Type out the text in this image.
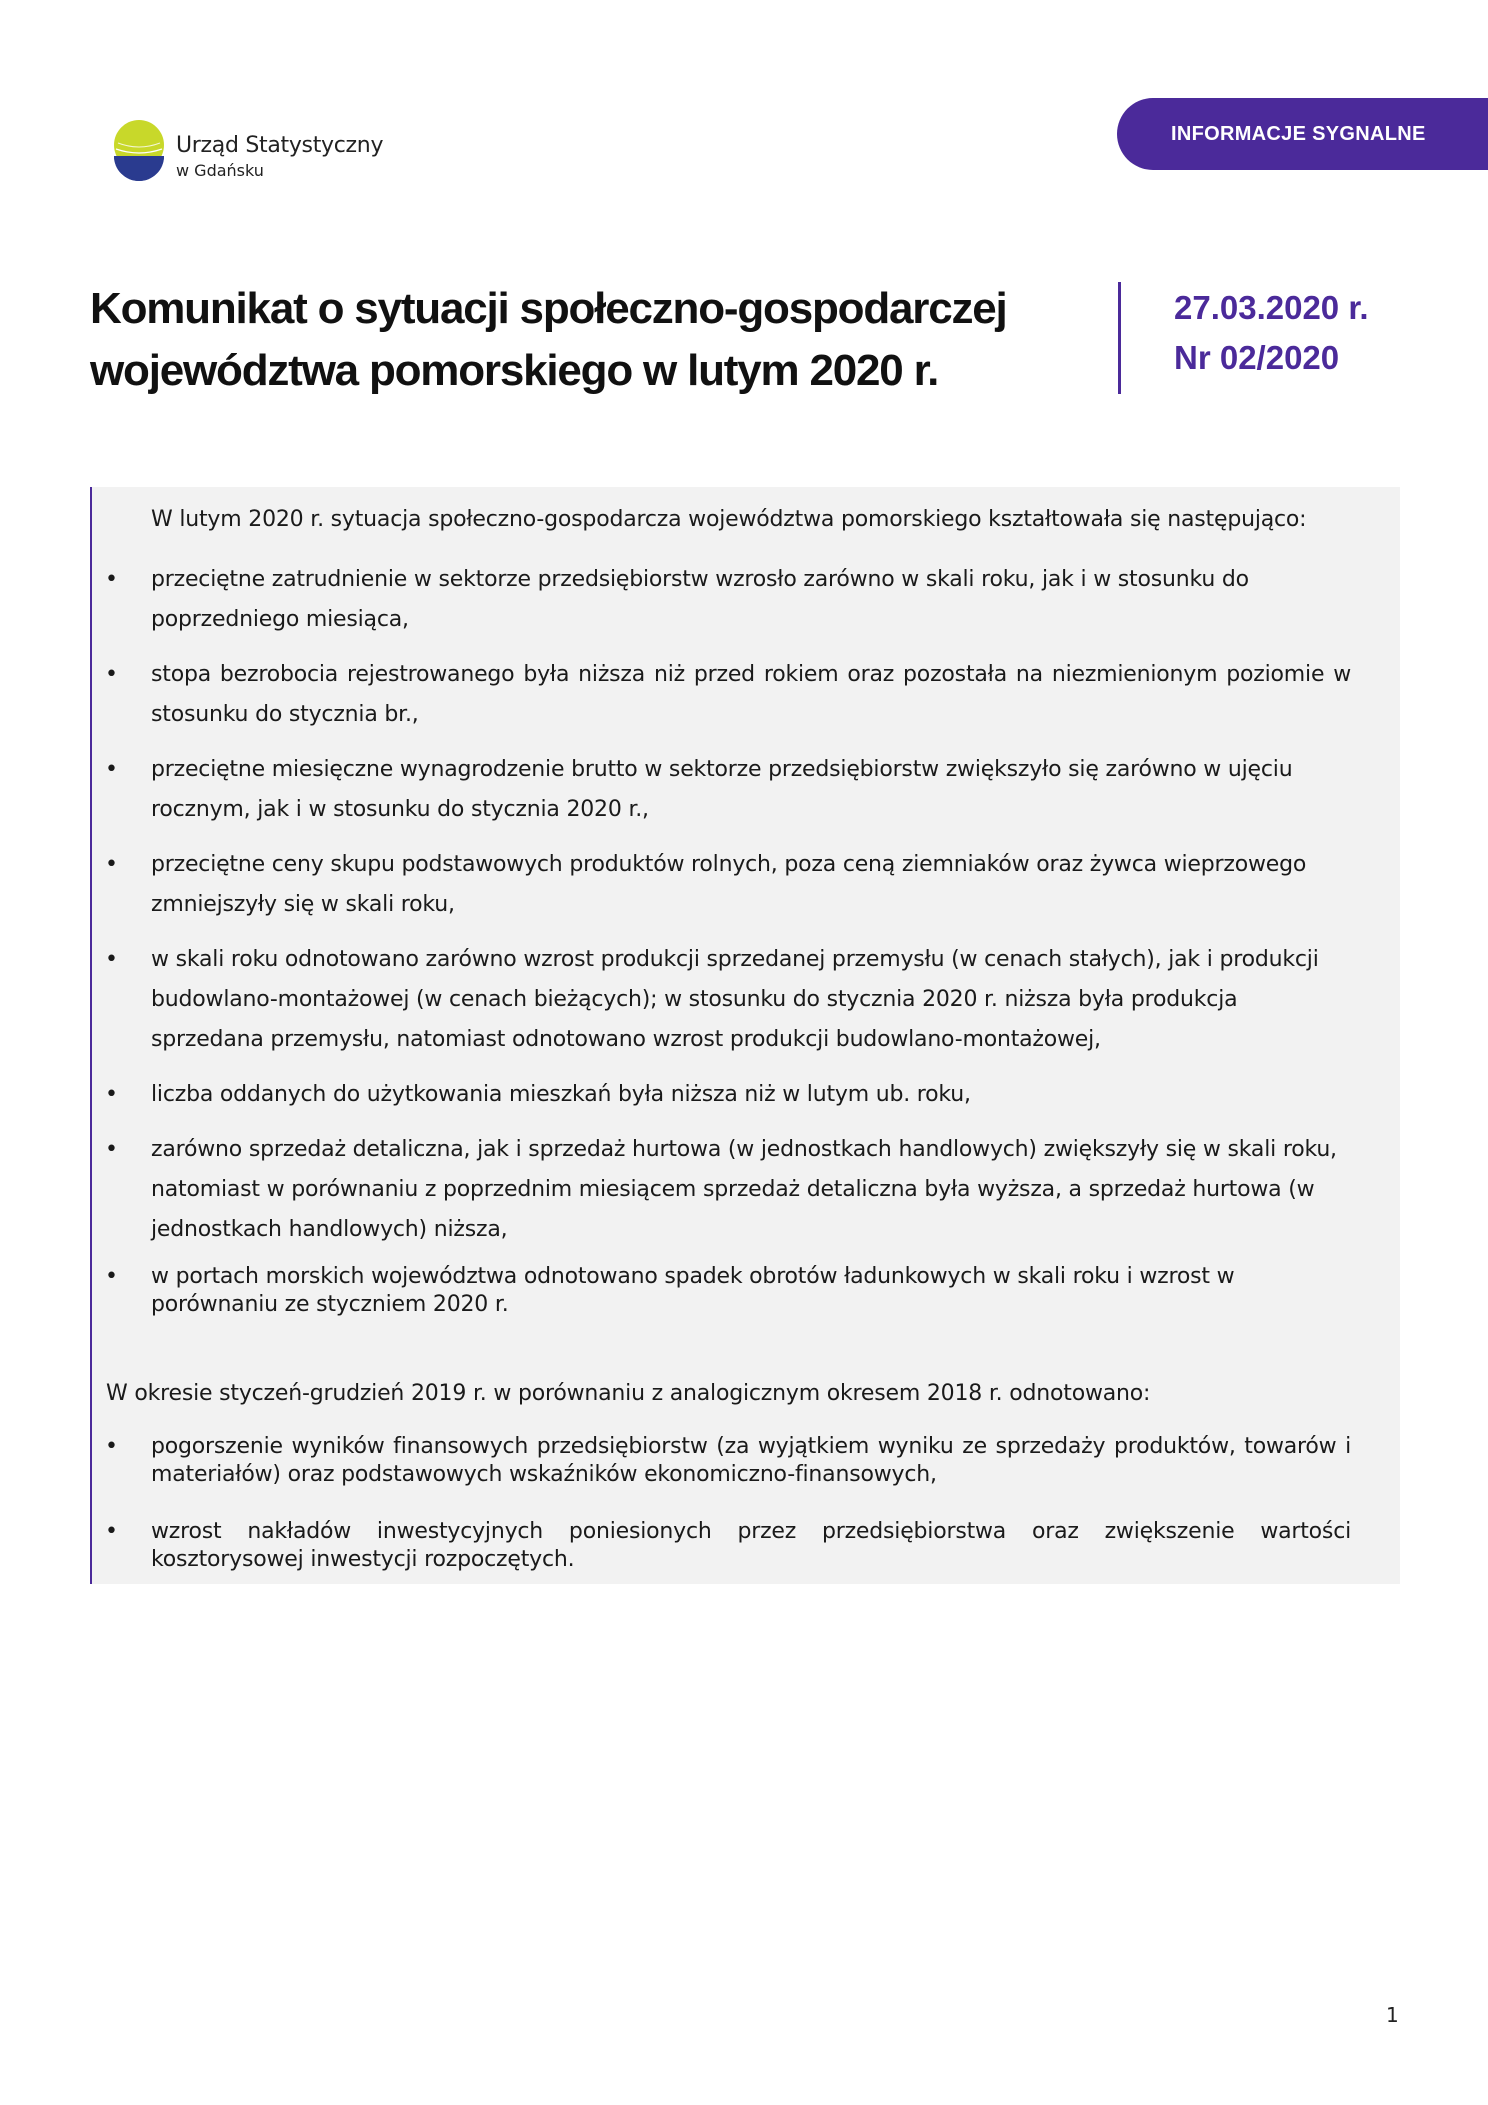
Urząd Statystyczny
w Gdańsku
INFORMACJE SYGNALNE
Komunikat o sytuacji społeczno-gospodarczej
województwa pomorskiego w lutym 2020 r.
27.03.2020 r.
Nr 02/2020
W lutym 2020 r. sytuacja społeczno-gospodarcza województwa pomorskiego kształtowała się następująco:
• przeciętne zatrudnienie w sektorze przedsiębiorstw wzrosło zarówno w skali roku, jak i w stosunku do poprzedniego miesiąca,
• stopa bezrobocia rejestrowanego była niższa niż przed rokiem oraz pozostała na niezmienionym poziomie w stosunku do stycznia br.,
• przeciętne miesięczne wynagrodzenie brutto w sektorze przedsiębiorstw zwiększyło się zarówno w ujęciu rocznym, jak i w stosunku do stycznia 2020 r.,
• przeciętne ceny skupu podstawowych produktów rolnych, poza ceną ziemniaków oraz żywca wieprzowego zmniejszyły się w skali roku,
• w skali roku odnotowano zarówno wzrost produkcji sprzedanej przemysłu (w cenach stałych), jak i produkcji budowlano-montażowej (w cenach bieżących); w stosunku do stycznia 2020 r. niższa była produkcja sprzedana przemysłu, natomiast odnotowano wzrost produkcji budowlano-montażowej,
• liczba oddanych do użytkowania mieszkań była niższa niż w lutym ub. roku,
• zarówno sprzedaż detaliczna, jak i sprzedaż hurtowa (w jednostkach handlowych) zwiększyły się w skali roku, natomiast w porównaniu z poprzednim miesiącem sprzedaż detaliczna była wyższa, a sprzedaż hurtowa (w jednostkach handlowych) niższa,
• w portach morskich województwa odnotowano spadek obrotów ładunkowych w skali roku i wzrost w porównaniu ze styczniem 2020 r.
W okresie styczeń-grudzień 2019 r. w porównaniu z analogicznym okresem 2018 r. odnotowano:
• pogorszenie wyników finansowych przedsiębiorstw (za wyjątkiem wyniku ze sprzedaży produktów, towarów i materiałów) oraz podstawowych wskaźników ekonomiczno-finansowych,
• wzrost nakładów inwestycyjnych poniesionych przez przedsiębiorstwa oraz zwiększenie wartości kosztorysowej inwestycji rozpoczętych.
1
